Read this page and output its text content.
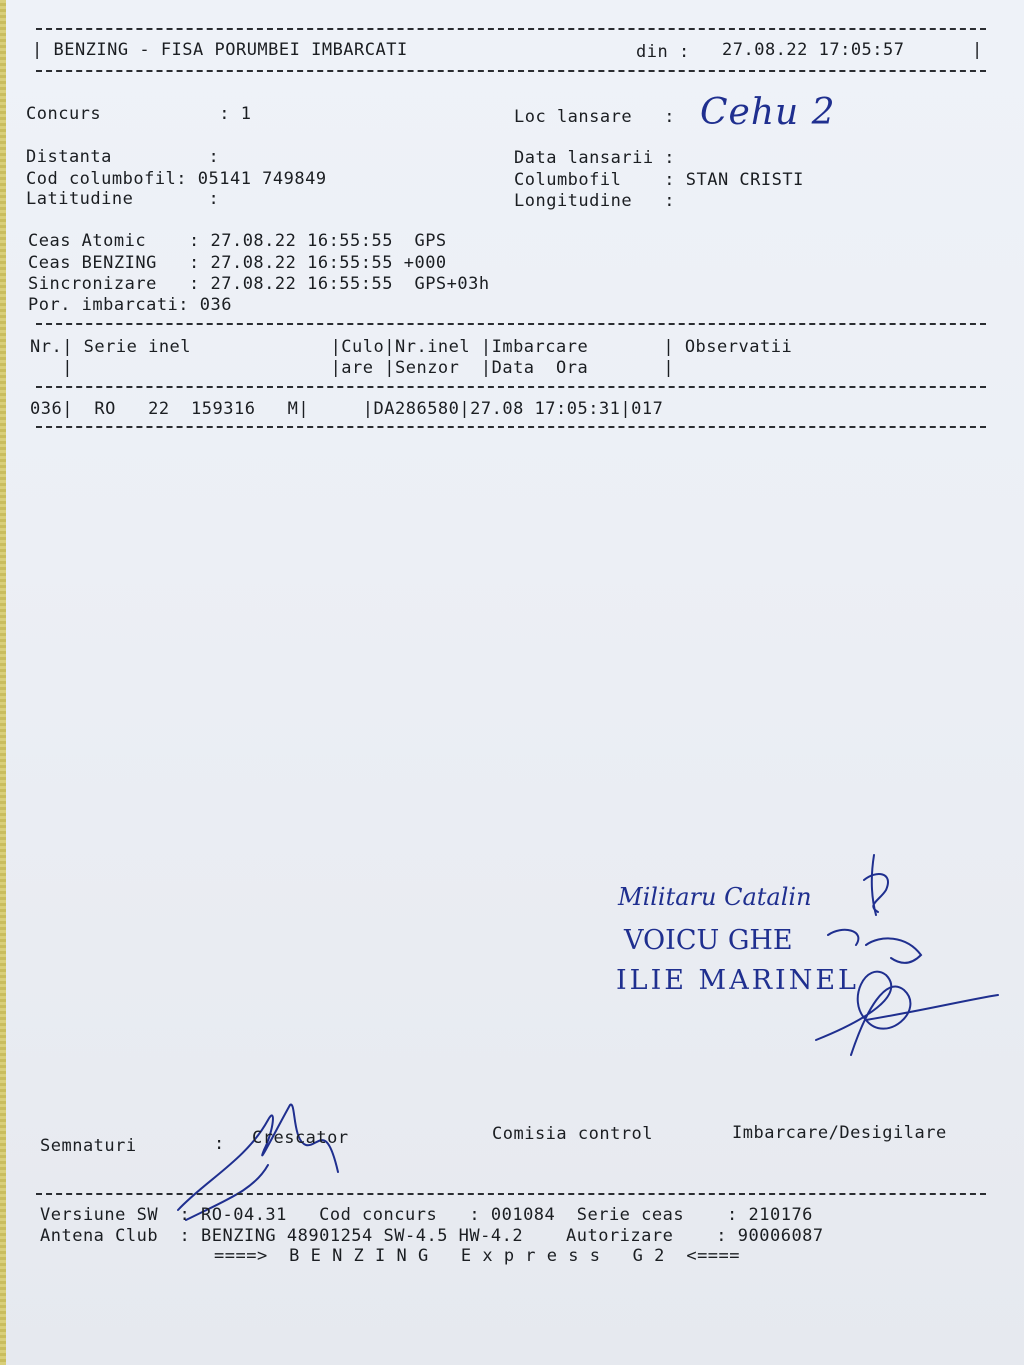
| BENZING - FISA PORUMBEI IMBARCATI	din : 27.08.22 17:05:57	|
Concurs           : 1	Loc lansare   : Cehu 2
Distanta         :	Data lansarii :
Cod columbofil: 05141 749849	Columbofil    : STAN CRISTI
Latitudine       :	Longitudine   :
Ceas Atomic    : 27.08.22 16:55:55  GPS
Ceas BENZING   : 27.08.22 16:55:55 +000
Sincronizare   : 27.08.22 16:55:55  GPS+03h
Por. imbarcati: 036
Nr.| Serie inel             |Culo|Nr.inel |Imbarcare       | Observatii
|                        |are |Senzor  |Data  Ora       |
036|  RO   22  159316   M|     |DA286580|27.08 17:05:31|017
Militaru Catalin
VOICU GHE
ILIE MARINEL
Semnaturi	: Crescator	Comisia control	Imbarcare/Desigilare
Versiune SW  : RO-04.31   Cod concurs   : 001084  Serie ceas    : 210176
Antena Club  : BENZING 48901254 SW-4.5 HW-4.2    Autorizare    : 90006087
====>  B E N Z I N G   E x p r e s s   G 2  <====
